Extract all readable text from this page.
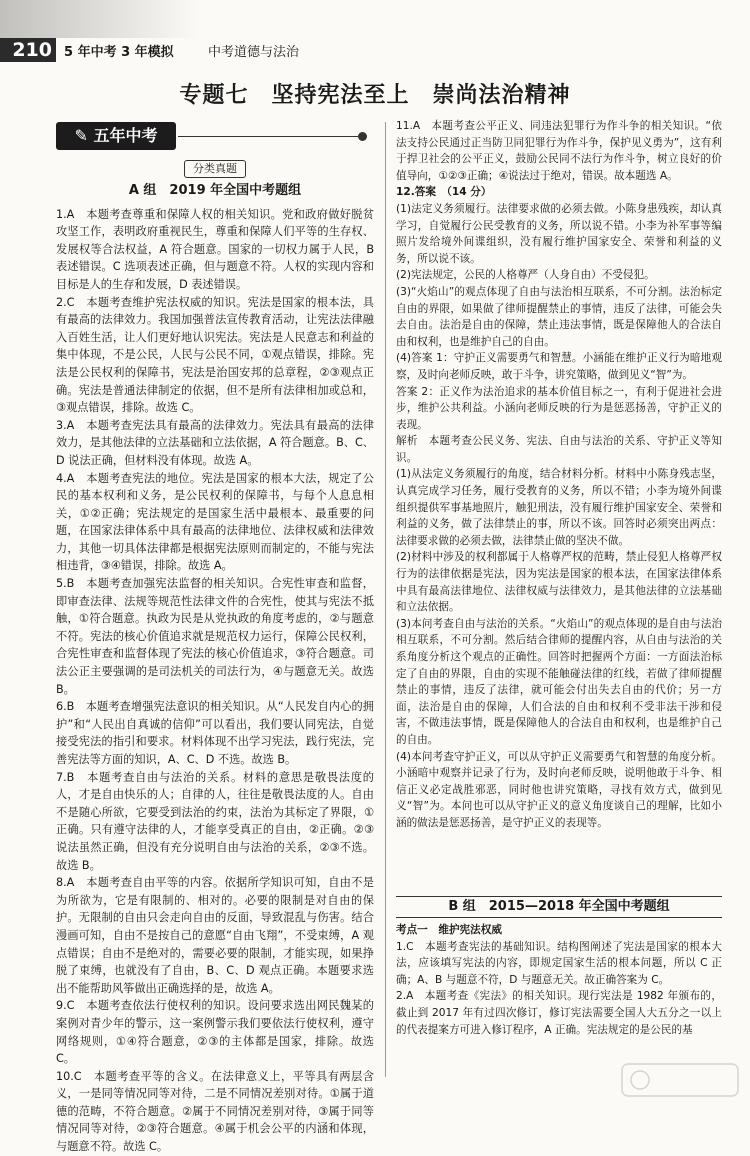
210 5 年中考 3 年模拟	中考道德与法治
专题七　坚持宪法至上　崇尚法治精神
✎ 五年中考
分类真题
A 组　2019 年全国中考题组

1.A　本题考查尊重和保障人权的相关知识。党和政府做好脱贫攻坚工作，表明政府重视民生，尊重和保障人们平等的生存权、发展权等合法权益，A 符合题意。国家的一切权力属于人民，B 表述错误。C 选项表述正确，但与题意不符。人权的实现内容和目标是人的生存和发展，D 表述错误。

2.C　本题考查维护宪法权威的知识。宪法是国家的根本法，具有最高的法律效力。我国加强普法宣传教育活动，让宪法法律融入百姓生活，让人们更好地认识宪法。宪法是人民意志和利益的集中体现，不是公民，人民与公民不同，①观点错误，排除。宪法是公民权利的保障书，宪法是治国安邦的总章程，②③观点正确。宪法是普通法律制定的依据，但不是所有法律相加或总和，③观点错误，排除。故选 C。

3.A　本题考查宪法具有最高的法律效力。宪法具有最高的法律效力，是其他法律的立法基础和立法依据，A 符合题意。B、C、D 说法正确，但材料没有体现。故选 A。

4.A　本题考查宪法的地位。宪法是国家的根本大法，规定了公民的基本权利和义务，是公民权利的保障书，与每个人息息相关，①②正确；宪法规定的是国家生活中最根本、最重要的问题，在国家法律体系中具有最高的法律地位、法律权威和法律效力，其他一切具体法律都是根据宪法原则而制定的，不能与宪法相违背，③④错误，排除。故选 A。

5.B　本题考查加强宪法监督的相关知识。合宪性审查和监督，即审查法律、法规等规范性法律文件的合宪性，使其与宪法不抵触，①符合题意。执政为民是从党执政的角度考虑的，②与题意不符。宪法的核心价值追求就是规范权力运行，保障公民权利，合宪性审查和监督体现了宪法的核心价值追求，③符合题意。司法公正主要强调的是司法机关的司法行为，④与题意无关。故选 B。

6.B　本题考查增强宪法意识的相关知识。从“人民发自内心的拥护”和“人民出自真诚的信仰”可以看出，我们要认同宪法，自觉接受宪法的指引和要求。材料体现不出学习宪法，践行宪法，完善宪法等方面的知识，A、C、D 不选。故选 B。

7.B　本题考查自由与法治的关系。材料的意思是敬畏法度的人，才是自由快乐的人；自律的人，往往是敬畏法度的人。自由不是随心所欲，它要受到法治的约束，法治为其标定了界限，①正确。只有遵守法律的人，才能享受真正的自由，②正确。②③说法虽然正确，但没有充分说明自由与法治的关系，②③不选。故选 B。

8.A　本题考查自由平等的内容。依据所学知识可知，自由不是为所欲为，它是有限制的、相对的。必要的限制是对自由的保护。无限制的自由只会走向自由的反面，导致混乱与伤害。结合漫画可知，自由不是按自己的意愿“自由飞翔”，不受束缚，A 观点错误；自由不是绝对的，需要必要的限制，才能实现，如果挣脱了束缚，也就没有了自由，B、C、D 观点正确。本题要求选出不能帮助风筝做出正确选择的是，故选 A。

9.C　本题考查依法行使权利的知识。设问要求选出网民魏某的案例对青少年的警示，这一案例警示我们要依法行使权利，遵守网络规则，①④符合题意，②③的主体都是国家，排除。故选 C。

10.C　本题考查平等的含义。在法律意义上，平等具有两层含义，一是同等情况同等对待，二是不同情况差别对待。①属于道德的范畴，不符合题意。②属于不同情况差别对待，③属于同等情况同等对待，②③符合题意。④属于机会公平的内涵和体现，与题意不符。故选 C。

11.A　本题考查公平正义、同违法犯罪行为作斗争的相关知识。“依法支持公民通过正当防卫同犯罪行为作斗争，保护见义勇为”，这有利于捍卫社会的公平正义，鼓励公民同不法行为作斗争，树立良好的价值导向，①②③正确；④说法过于绝对，错误。故本题选 A。

12.答案　（14 分）

(1)法定义务须履行。法律要求做的必须去做。小陈身患残疾，却认真学习，自觉履行公民受教育的义务，所以说不错。小李为补军事等编照片发给境外间谍组织，没有履行维护国家安全、荣誉和利益的义务，所以说不该。

(2)宪法规定，公民的人格尊严（人身自由）不受侵犯。

(3)“火焰山”的观点体现了自由与法治相互联系，不可分割。法治标定自由的界限，如果做了律师提醒禁止的事情，违反了法律，可能会失去自由。法治是自由的保障，禁止违法事情，既是保障他人的合法自由和权利，也是维护自己的自由。

(4)答案 1：守护正义需要勇气和智慧。小涵能在维护正义行为暗地观察，及时向老师反映，敢于斗争，讲究策略，做到见义“智”为。

答案 2：正义作为法治追求的基本价值目标之一，有利于促进社会进步，维护公共利益。小涵向老师反映的行为是惩恶扬善，守护正义的表现。

解析　本题考查公民义务、宪法、自由与法治的关系、守护正义等知识。

(1)从法定义务须履行的角度，结合材料分析。材料中小陈身残志坚，认真完成学习任务，履行受教育的义务，所以不错；小李为境外间谍组织提供军事基地照片，触犯刑法，没有履行维护国家安全、荣誉和利益的义务，做了法律禁止的事，所以不该。回答时必须突出两点：法律要求做的必须去做，法律禁止做的坚决不做。

(2)材料中涉及的权利都属于人格尊严权的范畴，禁止侵犯人格尊严权行为的法律依据是宪法，因为宪法是国家的根本法，在国家法律体系中具有最高法律地位、法律权威与法律效力，是其他法律的立法基础和立法依据。

(3)本问考查自由与法治的关系。“火焰山”的观点体现的是自由与法治相互联系，不可分割。然后结合律师的提醒内容，从自由与法治的关系角度分析这个观点的正确性。回答时把握两个方面：一方面法治标定了自由的界限，自由的实现不能触碰法律的红线，若做了律师提醒禁止的事情，违反了法律，就可能会付出失去自由的代价；另一方面，法治是自由的保障，人们合法的自由和权利不受非法干涉和侵害，不做违法事情，既是保障他人的合法自由和权利，也是维护自己的自由。

(4)本问考查守护正义，可以从守护正义需要勇气和智慧的角度分析。小涵暗中观察并记录了行为，及时向老师反映，说明他敢于斗争、相信正义必定战胜邪恶，同时他也讲究策略，寻找有效方式，做到见义“智”为。本问也可以从守护正义的意义角度谈自己的理解，比如小涵的做法是惩恶扬善，是守护正义的表现等。

B 组　2015—2018 年全国中考题组

考点一　维护宪法权威

1.C　本题考查宪法的基础知识。结构图阐述了宪法是国家的根本大法，应该填写宪法的内容，即规定国家生活的根本问题，所以 C 正确；A、B 与题意不符，D 与题意无关。故正确答案为 C。

2.A　本题考查《宪法》的相关知识。现行宪法是 1982 年颁布的，截止到 2017 年有过四次修订，修订宪法需要全国人大五分之一以上的代表提案方可进入修订程序，A 正确。宪法规定的是公民的基
